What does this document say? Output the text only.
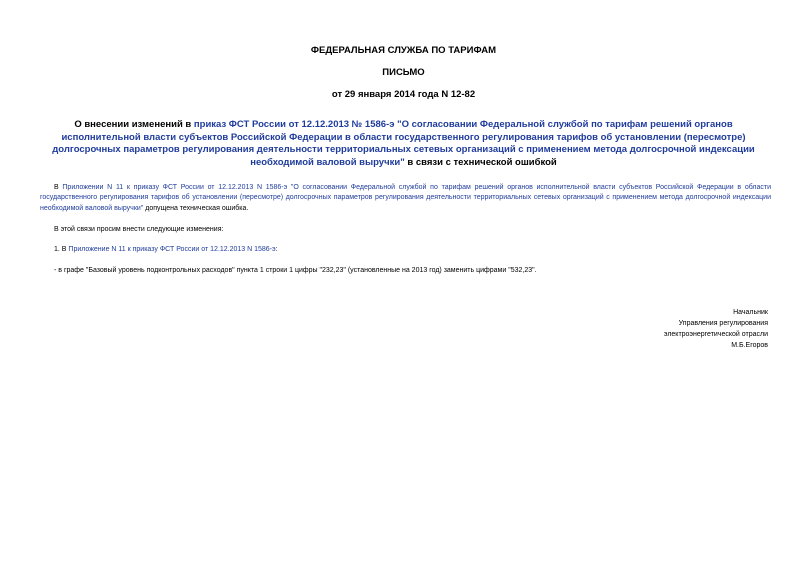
ФЕДЕРАЛЬНАЯ СЛУЖБА ПО ТАРИФАМ
ПИСЬМО
от 29 января 2014 года N 12-82
О внесении изменений в приказ ФСТ России от 12.12.2013 № 1586-э "О согласовании Федеральной службой по тарифам решений органов исполнительной власти субъектов Российской Федерации в области государственного регулирования тарифов об установлении (пересмотре) долгосрочных параметров регулирования деятельности территориальных сетевых организаций с применением метода долгосрочной индексации необходимой валовой выручки" в связи с технической ошибкой
В Приложении N 11 к приказу ФСТ России от 12.12.2013 N 1586-э "О согласовании Федеральной службой по тарифам решений органов исполнительной власти субъектов Российской Федерации в области государственного регулирования тарифов об установлении (пересмотре) долгосрочных параметров регулирования деятельности территориальных сетевых организаций с применением метода долгосрочной индексации необходимой валовой выручки" допущена техническая ошибка.
В этой связи просим внести следующие изменения:
1. В Приложение N 11 к приказу ФСТ России от 12.12.2013 N 1586-э:
- в графе "Базовый уровень подконтрольных расходов" пункта 1 строки 1 цифры "232,23" (установленные на 2013 год) заменить цифрами "532,23".
Начальник
Управления регулирования
электроэнергетической отрасли
М.Б.Егоров
